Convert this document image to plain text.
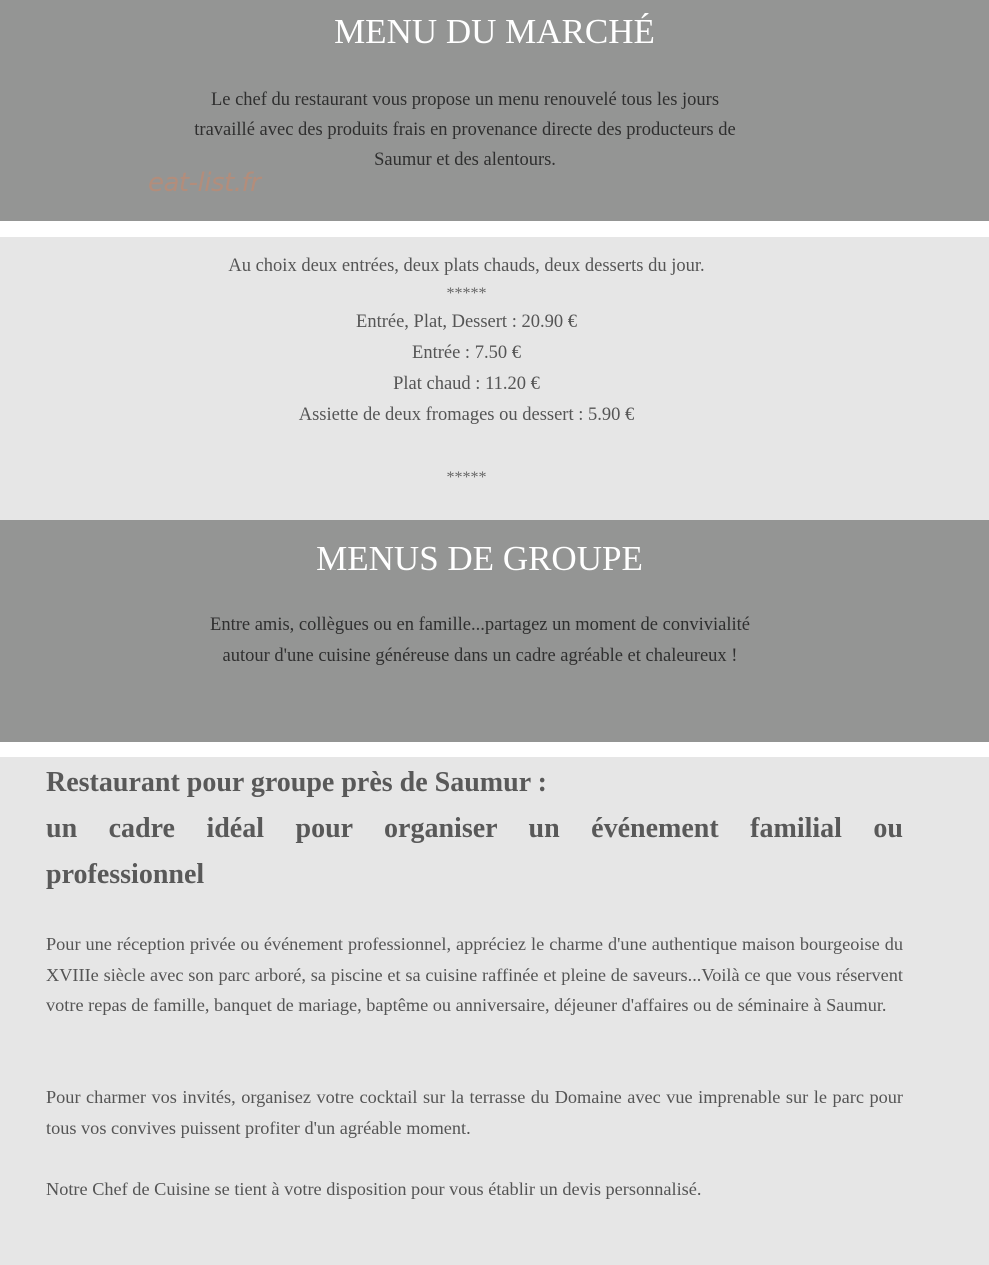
MENU DU MARCHÉ
Le chef du restaurant vous propose un menu renouvelé tous les jours
travaillé avec des produits frais en provenance directe des producteurs de
Saumur et des alentours.
eat-list.fr
Au choix deux entrées, deux plats chauds, deux desserts du jour.
*****
Entrée, Plat, Dessert : 20.90 €
Entrée : 7.50 €
Plat chaud : 11.20 €
Assiette de deux fromages ou dessert : 5.90 €
*****
MENUS DE GROUPE
Entre amis, collègues ou en famille...partagez un moment de convivialité
autour d'une cuisine généreuse dans un cadre agréable et chaleureux !
Restaurant pour groupe près de Saumur :
un cadre idéal pour organiser un événement familial ou
professionnel

Pour une réception privée ou événement professionnel, appréciez le charme d'une authentique maison bourgeoise du XVIIIe siècle avec son parc arboré, sa piscine et sa cuisine raffinée et pleine de saveurs...Voilà ce que vous réservent votre repas de famille, banquet de mariage, baptême ou anniversaire, déjeuner d'affaires ou de séminaire à Saumur.

Pour charmer vos invités, organisez votre cocktail sur la terrasse du Domaine avec vue imprenable sur le parc pour tous vos convives puissent profiter d'un agréable moment.

Notre Chef de Cuisine se tient à votre disposition pour vous établir un devis personnalisé.
